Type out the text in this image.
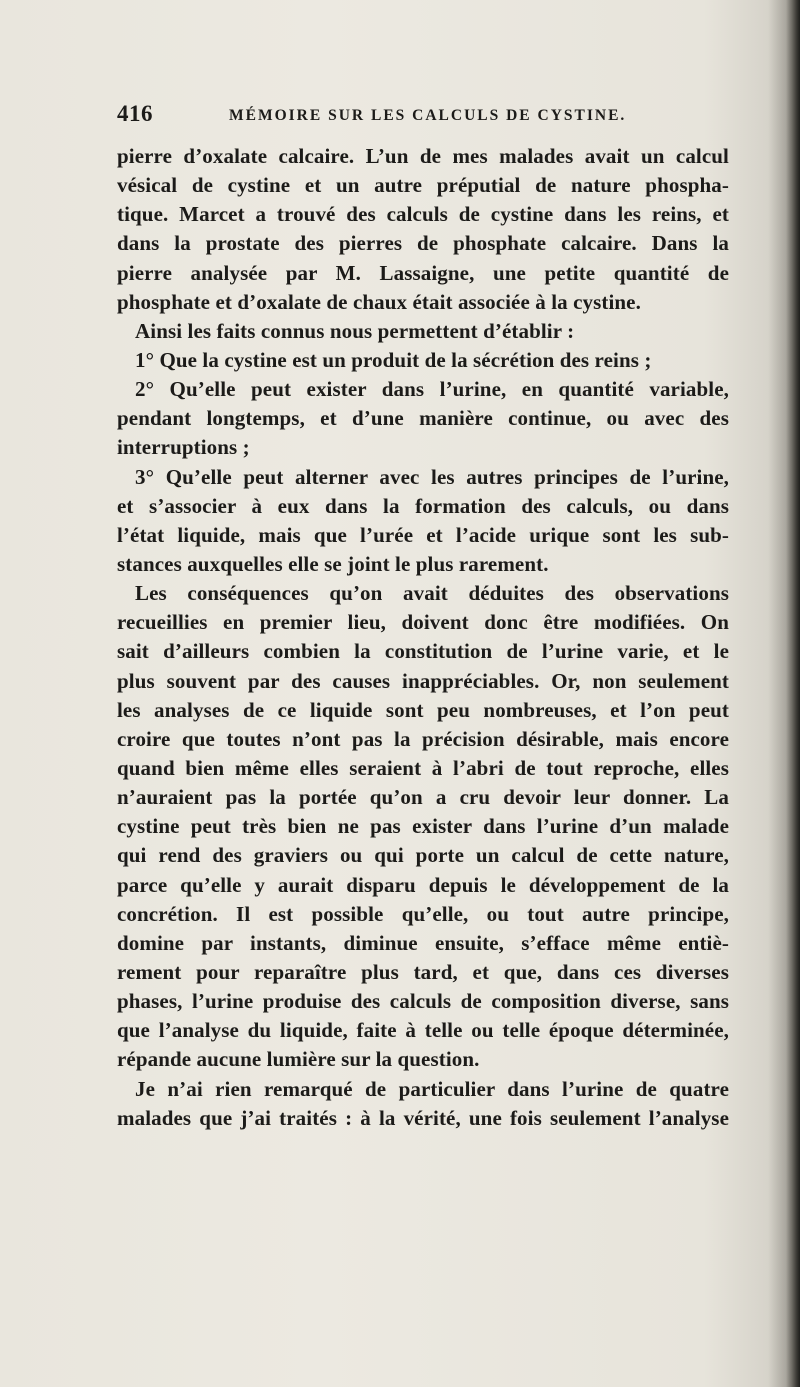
416	MÉMOIRE SUR LES CALCULS DE CYSTINE.
pierre d’oxalate calcaire. L’un de mes malades avait un calcul
vésical de cystine et un autre préputial de nature phospha-
tique. Marcet a trouvé des calculs de cystine dans les reins, et
dans la prostate des pierres de phosphate calcaire. Dans la
pierre analysée par M. Lassaigne, une petite quantité de
phosphate et d’oxalate de chaux était associée à la cystine.
Ainsi les faits connus nous permettent d’établir :
1° Que la cystine est un produit de la sécrétion des reins ;
2° Qu’elle peut exister dans l’urine, en quantité variable,
pendant longtemps, et d’une manière continue, ou avec des
interruptions ;
3° Qu’elle peut alterner avec les autres principes de l’urine,
et s’associer à eux dans la formation des calculs, ou dans
l’état liquide, mais que l’urée et l’acide urique sont les sub-
stances auxquelles elle se joint le plus rarement.
Les conséquences qu’on avait déduites des observations
recueillies en premier lieu, doivent donc être modifiées. On
sait d’ailleurs combien la constitution de l’urine varie, et le
plus souvent par des causes inappréciables. Or, non seulement
les analyses de ce liquide sont peu nombreuses, et l’on peut
croire que toutes n’ont pas la précision désirable, mais encore
quand bien même elles seraient à l’abri de tout reproche, elles
n’auraient pas la portée qu’on a cru devoir leur donner. La
cystine peut très bien ne pas exister dans l’urine d’un malade
qui rend des graviers ou qui porte un calcul de cette nature,
parce qu’elle y aurait disparu depuis le développement de la
concrétion. Il est possible qu’elle, ou tout autre principe,
domine par instants, diminue ensuite, s’efface même entiè-
rement pour reparaître plus tard, et que, dans ces diverses
phases, l’urine produise des calculs de composition diverse, sans
que l’analyse du liquide, faite à telle ou telle époque déterminée,
répande aucune lumière sur la question.
Je n’ai rien remarqué de particulier dans l’urine de quatre
malades que j’ai traités : à la vérité, une fois seulement l’analyse
